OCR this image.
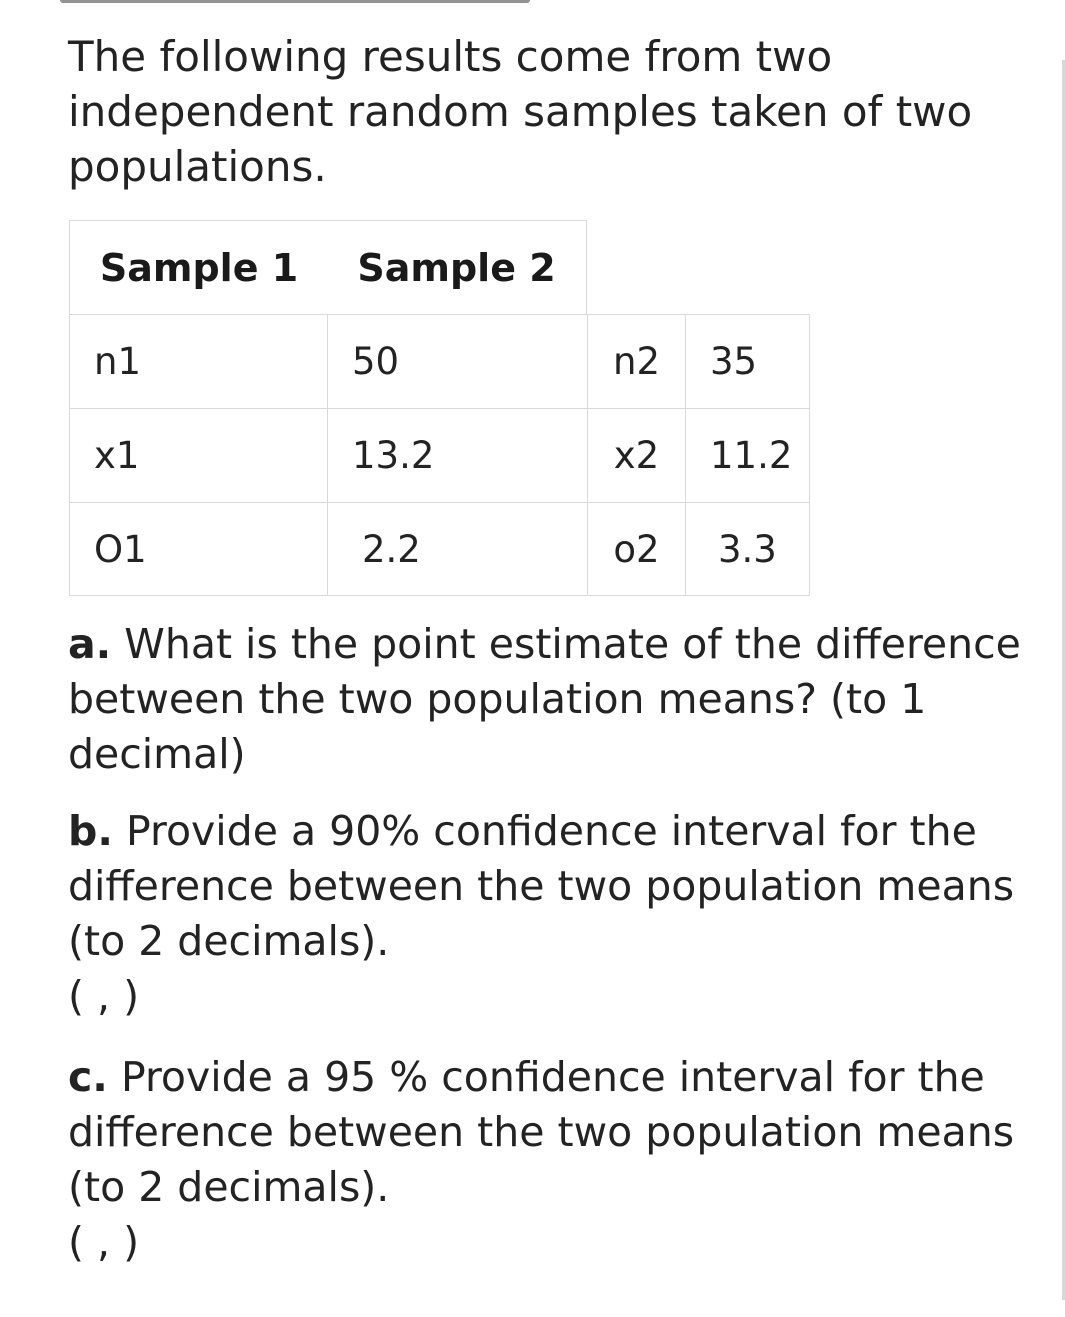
The following results come from two independent random samples taken of two populations.

Sample 1	Sample 2
n1	50	n2	35
x1	13.2	x2	11.2
O1	2.2	o2	3.3

a. What is the point estimate of the difference between the two population means? (to 1 decimal)

b. Provide a 90% confidence interval for the difference between the two population means (to 2 decimals).
( , )

c. Provide a 95 % confidence interval for the difference between the two population means (to 2 decimals).
( , )
